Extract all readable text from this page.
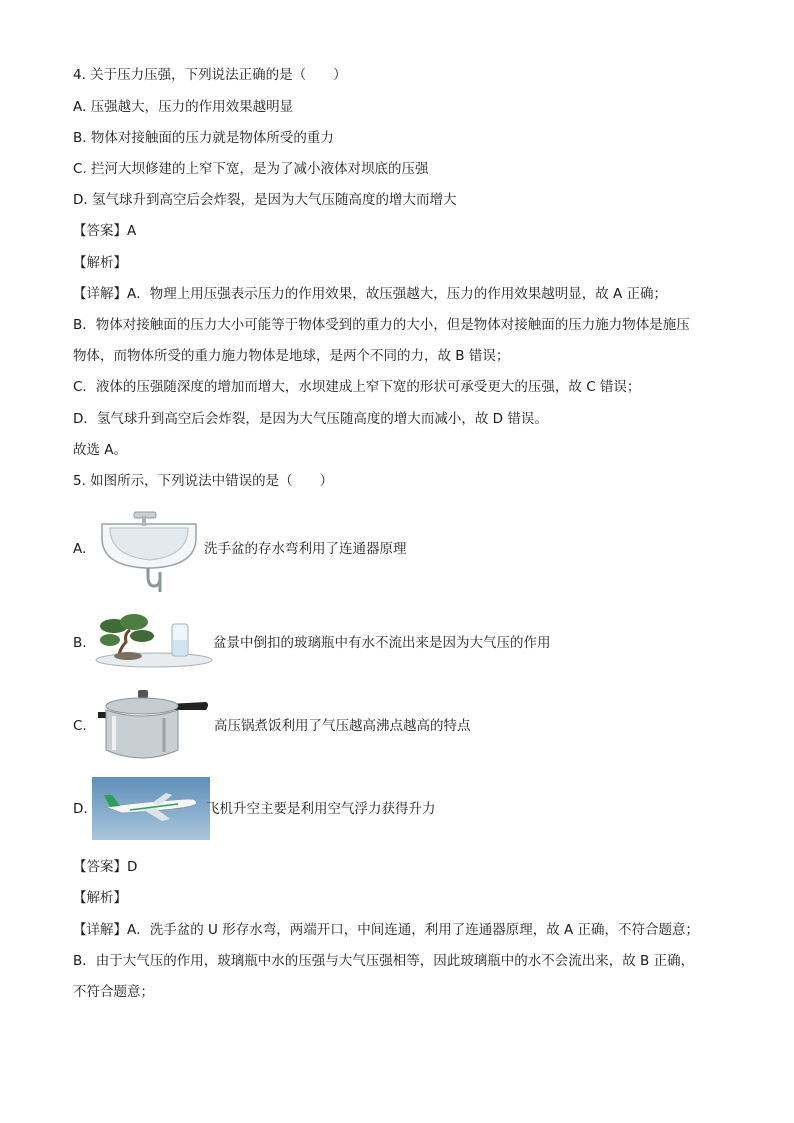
4. 关于压力压强，下列说法正确的是（　　）
A. 压强越大，压力的作用效果越明显
B. 物体对接触面的压力就是物体所受的重力
C. 拦河大坝修建的上窄下宽，是为了减小液体对坝底的压强
D. 氢气球升到高空后会炸裂，是因为大气压随高度的增大而增大
【答案】A
【解析】
【详解】A．物理上用压强表示压力的作用效果，故压强越大，压力的作用效果越明显，故 A 正确；
B．物体对接触面的压力大小可能等于物体受到的重力的大小，但是物体对接触面的压力施力物体是施压
物体，而物体所受的重力施力物体是地球，是两个不同的力，故 B 错误；
C．液体的压强随深度的增加而增大，水坝建成上窄下宽的形状可承受更大的压强，故 C 错误；
D．氢气球升到高空后会炸裂，是因为大气压随高度的增大而减小，故 D 错误。
故选 A。
5. 如图所示，下列说法中错误的是（　　）
A.	洗手盆的存水弯利用了连通器原理
B.	盆景中倒扣的玻璃瓶中有水不流出来是因为大气压的作用
C.	高压锅煮饭利用了气压越高沸点越高的特点
D.	飞机升空主要是利用空气浮力获得升力
【答案】D
【解析】
【详解】A．洗手盆的 U 形存水弯，两端开口，中间连通，利用了连通器原理，故 A 正确，不符合题意；
B．由于大气压的作用，玻璃瓶中水的压强与大气压强相等，因此玻璃瓶中的水不会流出来，故 B 正确，
不符合题意；
